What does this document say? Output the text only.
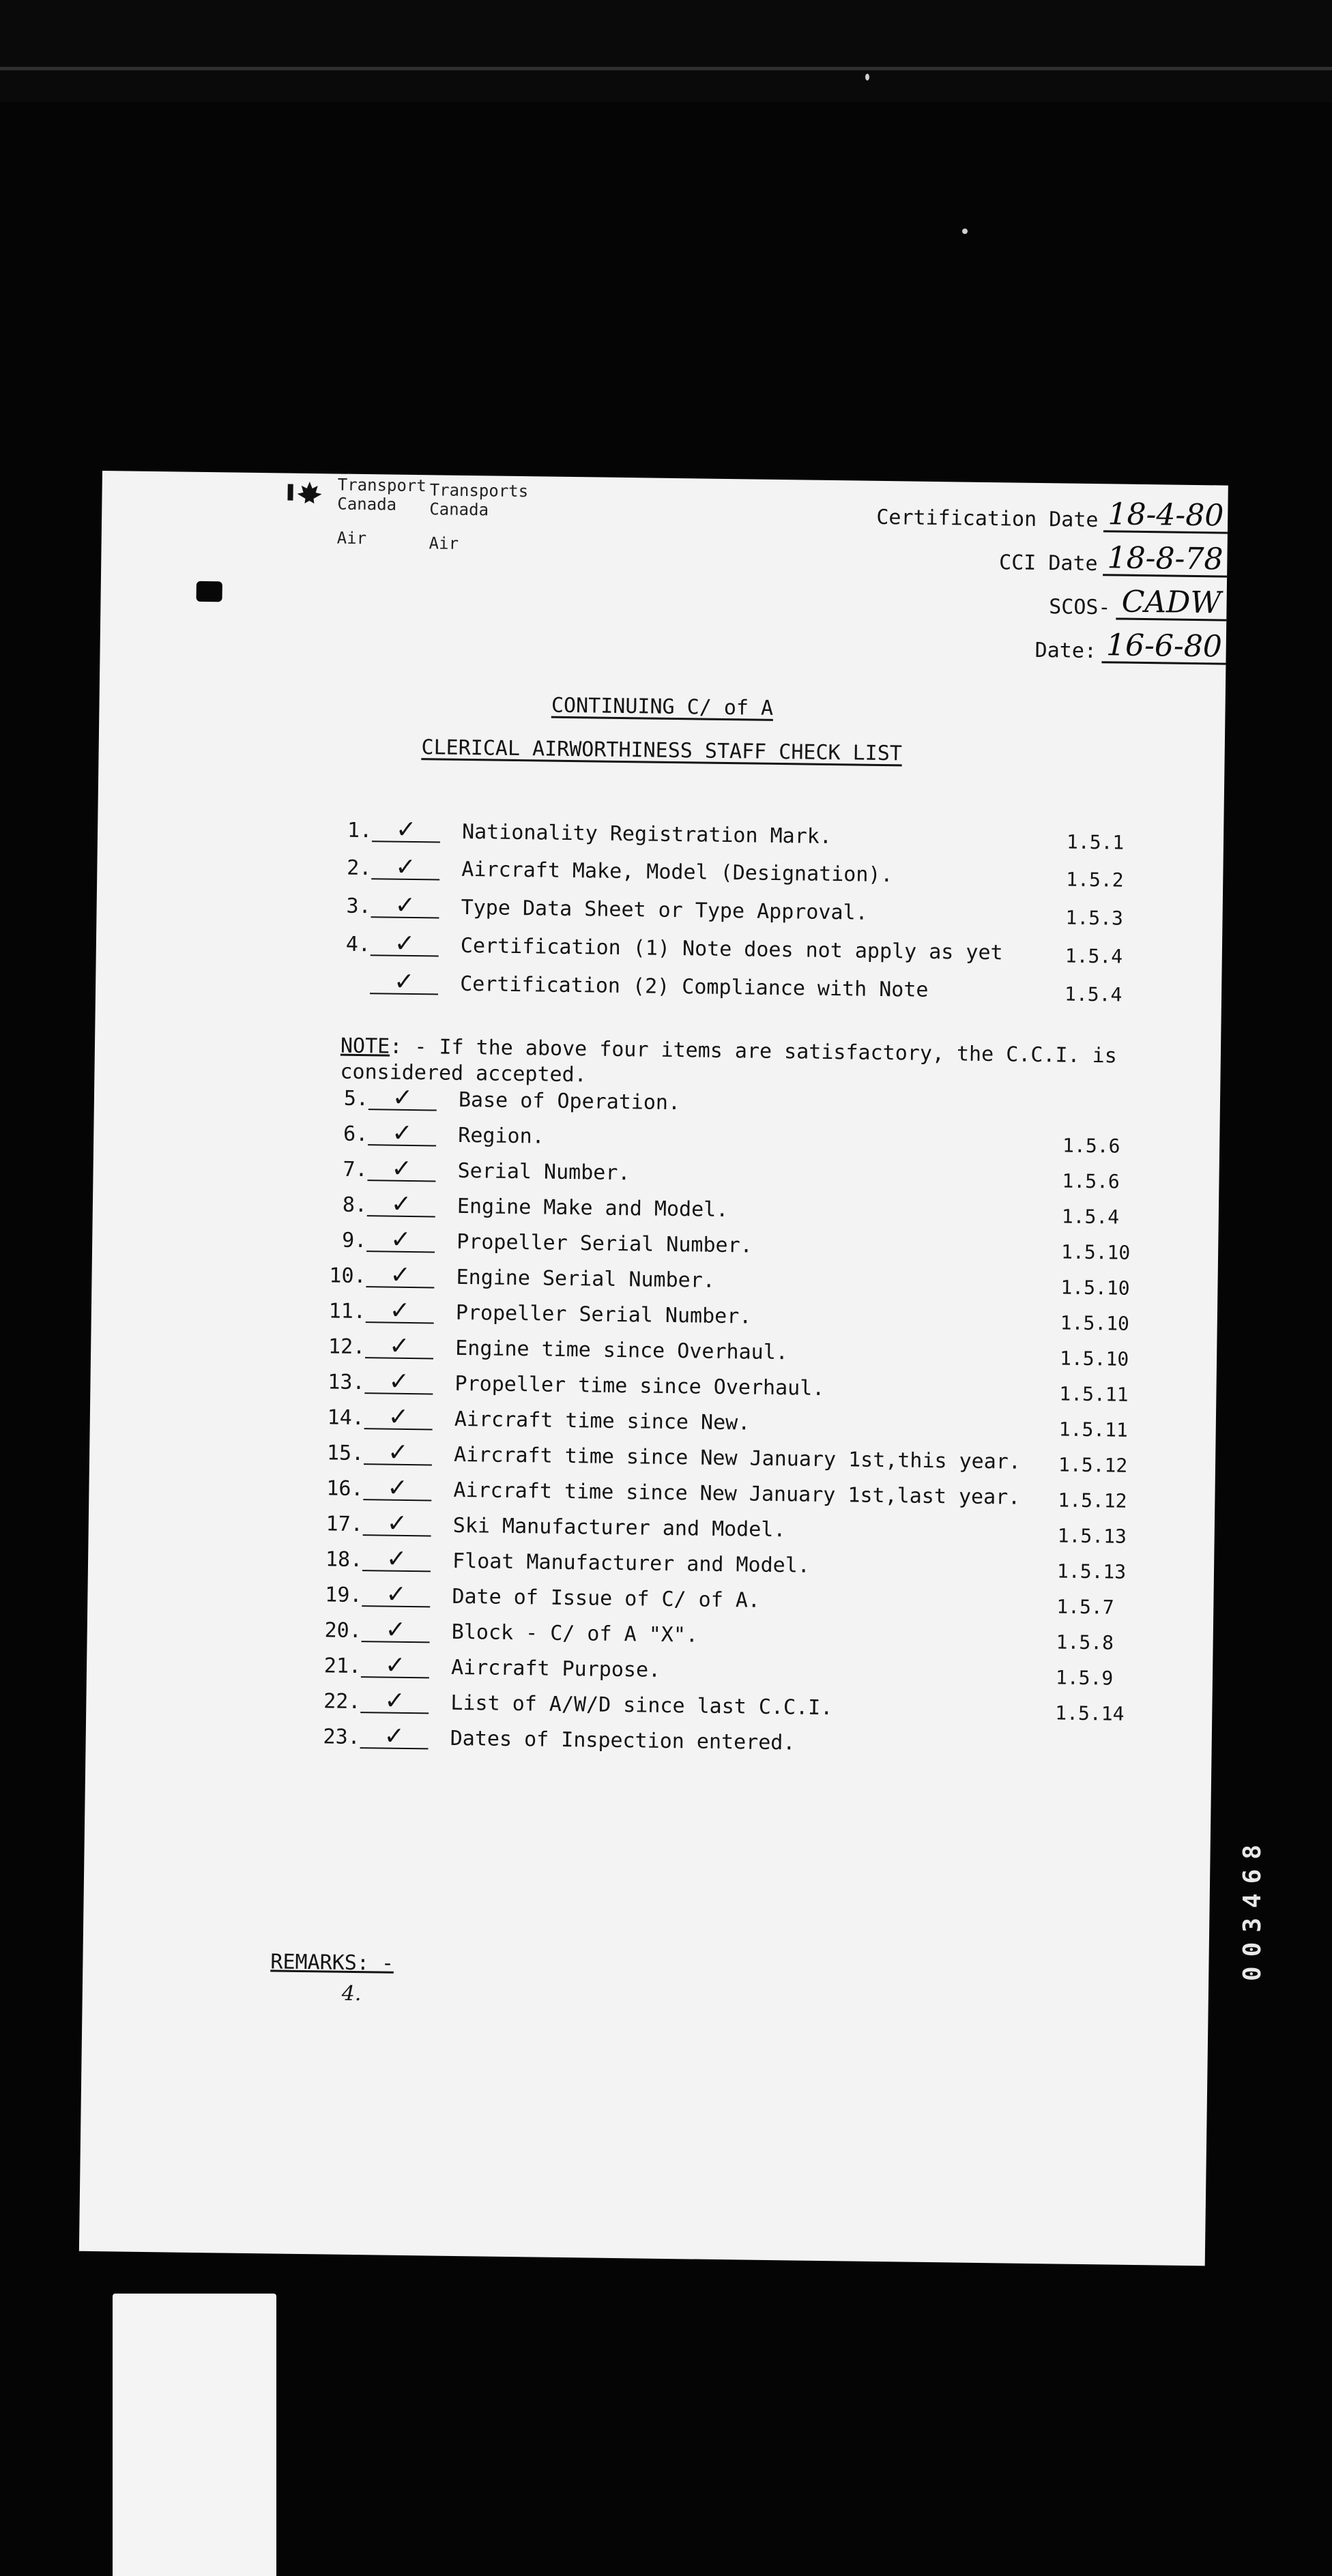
Transport
Canada
Air
Transports
Canada
Air
Certification Date 18-4-80
CCI Date 18-8-78
SCOS- CADW
Date: 16-6-80
CONTINUING C/ of A
CLERICAL AIRWORTHINESS STAFF CHECK LIST
1. ✓	Nationality Registration Mark.	1.5.1
2. ✓	Aircraft Make, Model (Designation).	1.5.2
3. ✓	Type Data Sheet or Type Approval.	1.5.3
4. ✓	Certification (1) Note does not apply as yet	1.5.4
✓	Certification (2) Compliance with Note	1.5.4
5. ✓	Base of Operation.
6. ✓	Region.	1.5.6
7. ✓	Serial Number.	1.5.6
8. ✓	Engine Make and Model.	1.5.4
9. ✓	Propeller Serial Number.	1.5.10
10. ✓	Engine Serial Number.	1.5.10
11. ✓	Propeller Serial Number.	1.5.10
12. ✓	Engine time since Overhaul.	1.5.10
13. ✓	Propeller time since Overhaul.	1.5.11
14. ✓	Aircraft time since New.	1.5.11
15. ✓	Aircraft time since New January 1st,this year. 1.5.12
16. ✓	Aircraft time since New January 1st,last year. 1.5.12
17. ✓	Ski Manufacturer and Model.	1.5.13
18. ✓	Float Manufacturer and Model.	1.5.13
19. ✓	Date of Issue of C/ of A.	1.5.7
20. ✓	Block - C/ of A "X".	1.5.8
21. ✓	Aircraft Purpose.	1.5.9
22. ✓	List of A/W/D since last C.C.I.	1.5.14
23. ✓	Dates of Inspection entered.
NOTE: - If the above four items are satisfactory, the C.C.I. is considered accepted.
REMARKS: -
4.
003468
